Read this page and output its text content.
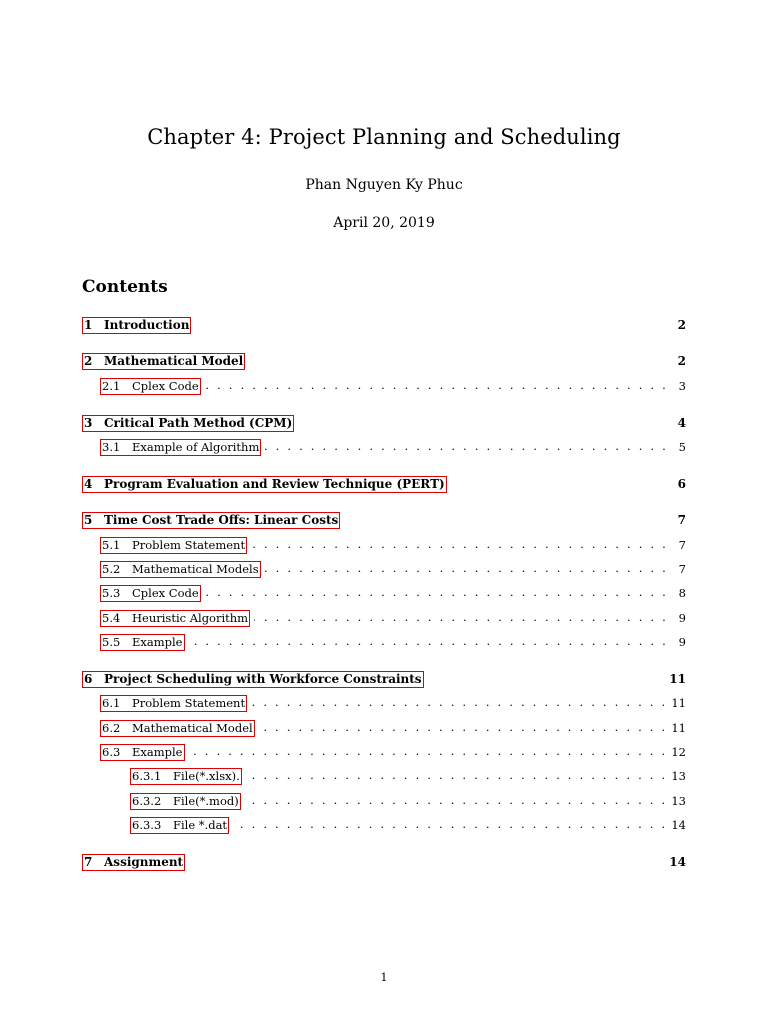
Chapter 4: Project Planning and Scheduling
Phan Nguyen Ky Phuc
April 20, 2019
Contents
1 Introduction	2
2 Mathematical Model	2
2.1	Cplex Code . . .	3
3 Critical Path Method (CPM)	4
3.1	Example of Algorithm . . .	5
4 Program Evaluation and Review Technique (PERT)	6
5 Time Cost Trade Offs: Linear Costs	7
5.1	Problem Statement . . .	7
5.2	Mathematical Models . . .	7
5.3	Cplex Code . . .	8
5.4	Heuristic Algorithm . . .	9
5.5	Example . . .	9
6 Project Scheduling with Workforce Constraints	11
6.1	Problem Statement . . .	11
6.2	Mathematical Model . . .	11
6.3	Example . . .	12
6.3.1	File(*.xlsx). . . .	13
6.3.2	File(*.mod) . . .	13
6.3.3	File *.dat . . .	14
7 Assignment	14
1
